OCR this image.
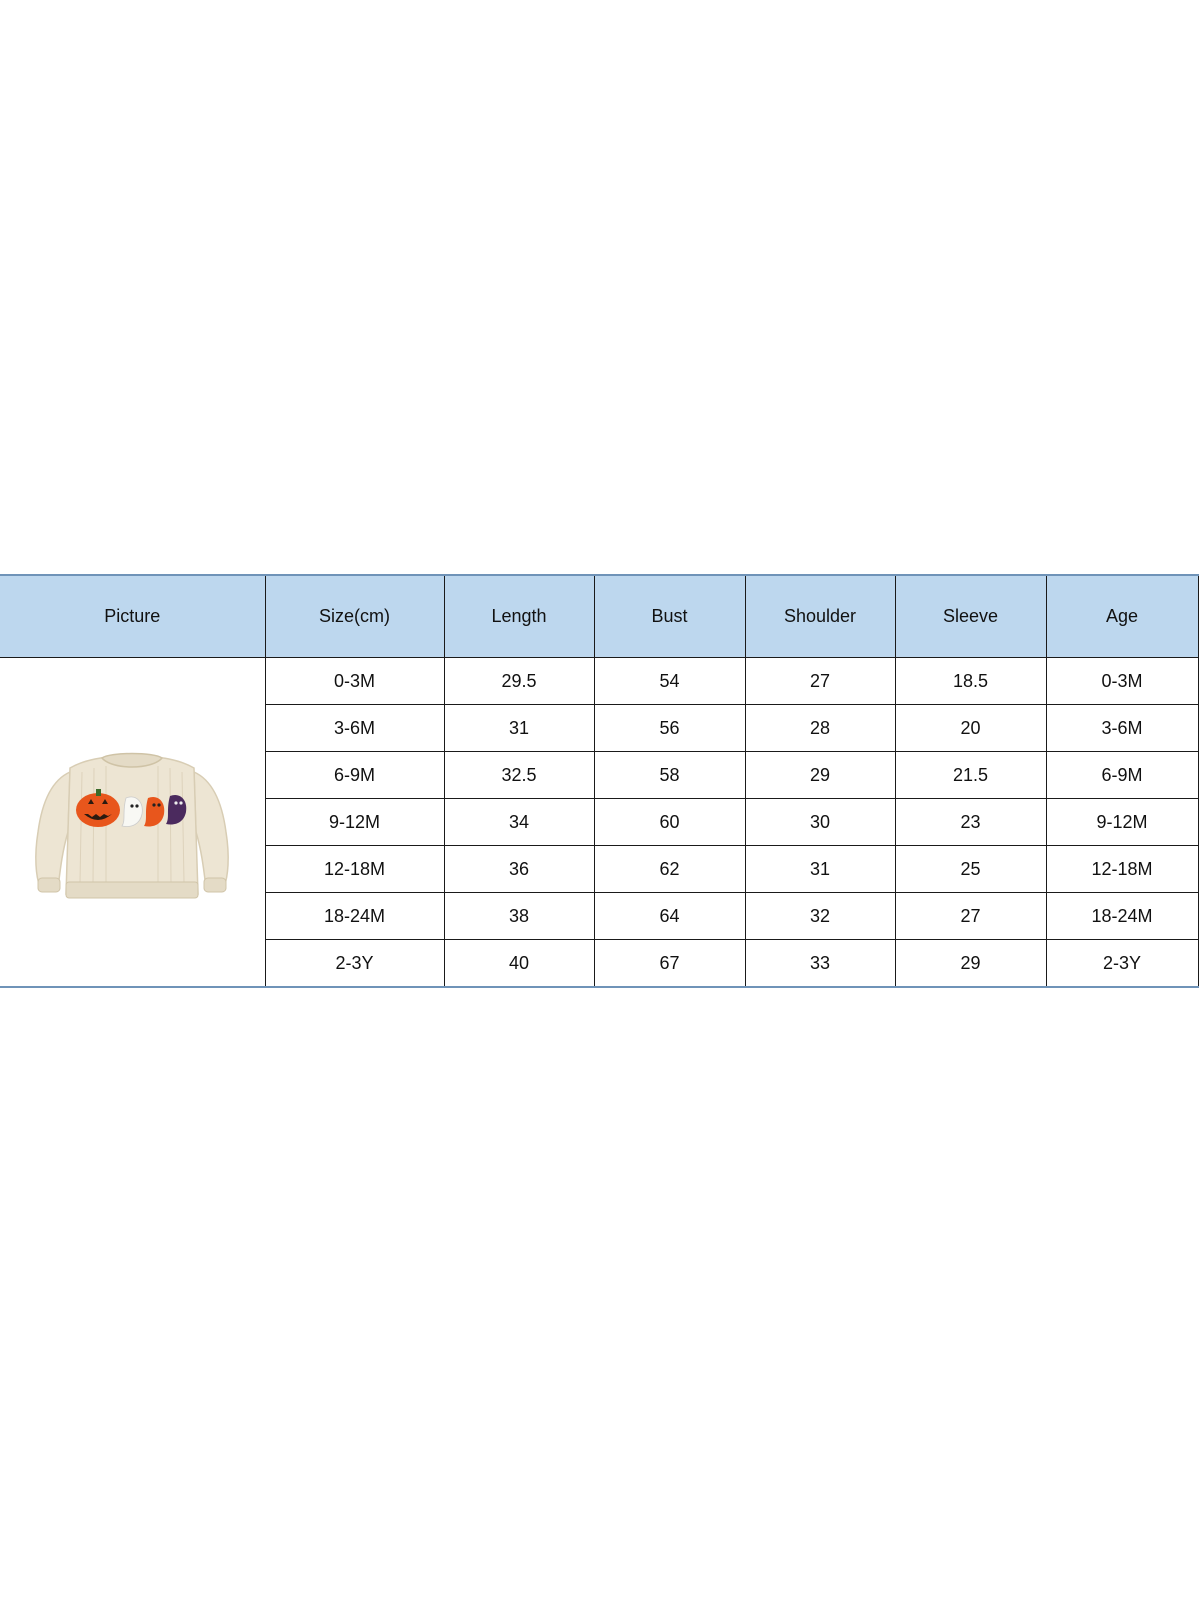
Picture	Size(cm)	Length	Bust	Shoulder	Sleeve	Age

	0-3M	29.5	54	27	18.5	0-3M
	3-6M	31	56	28	20	3-6M
	6-9M	32.5	58	29	21.5	6-9M
	9-12M	34	60	30	23	9-12M
	12-18M	36	62	31	25	12-18M
	18-24M	38	64	32	27	18-24M
	2-3Y	40	67	33	29	2-3Y
